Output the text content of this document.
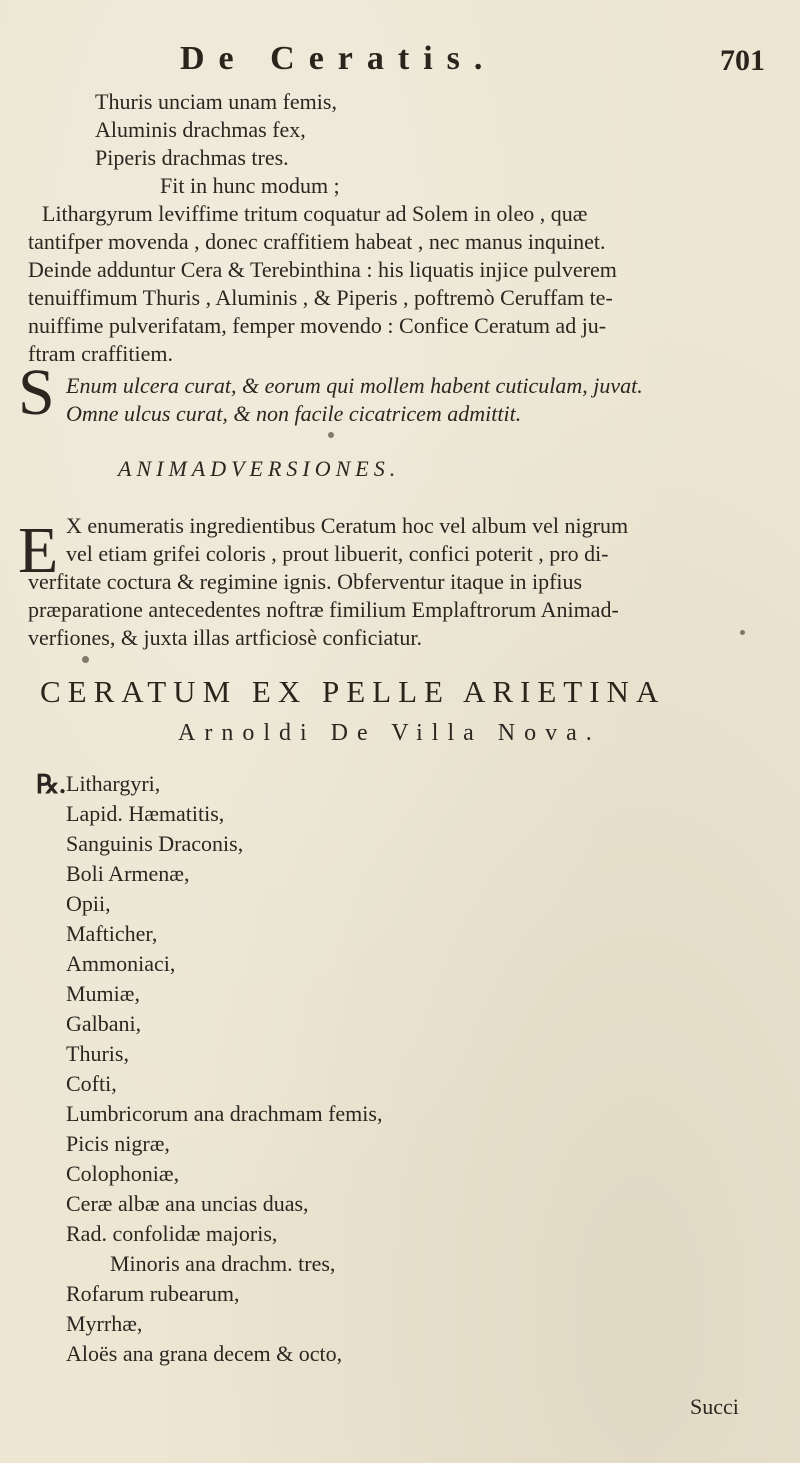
De Ceratis.	701
Thuris unciam unam femis,
Aluminis drachmas fex,
Piperis drachmas tres.
Fit in hunc modum ;
Lithargyrum leviffime tritum coquatur ad Solem in oleo , quæ
tantifper movenda , donec craffitiem habeat , nec manus inquinet.
Deinde adduntur Cera & Terebinthina : his liquatis injice pulverem
tenuiffimum Thuris , Aluminis , & Piperis , poftremò Ceruffam te-
nuiffime pulverifatam, femper movendo : Confice Ceratum ad ju-
ftram craffitiem.
S Enum ulcera curat, & eorum qui mollem habent cuticulam, juvat.
Omne ulcus curat, & non facile cicatricem admittit.
ANIMADVERSIONES.
E X enumeratis ingredientibus Ceratum hoc vel album vel nigrum
vel etiam grifei coloris , prout libuerit, confici poterit , pro di-
verfitate coctura & regimine ignis. Obferventur itaque in ipfius
præparatione antecedentes noftræ fimilium Emplaftrorum Animad-
verfiones, & juxta illas artficiosè conficiatur.
CERATUM EX PELLE ARIETINA
Arnoldi De Villa Nova.
℞. Lithargyri,
Lapid. Hæmatitis,
Sanguinis Draconis,
Boli Armenæ,
Opii,
Mafticher,
Ammoniaci,
Mumiæ,
Galbani,
Thuris,
Cofti,
Lumbricorum ana drachmam femis,
Picis nigræ,
Colophoniæ,
Ceræ albæ ana uncias duas,
Rad. confolidæ majoris,
Minoris ana drachm. tres,
Rofarum rubearum,
Myrrhæ,
Aloës ana grana decem & octo,
Succi
